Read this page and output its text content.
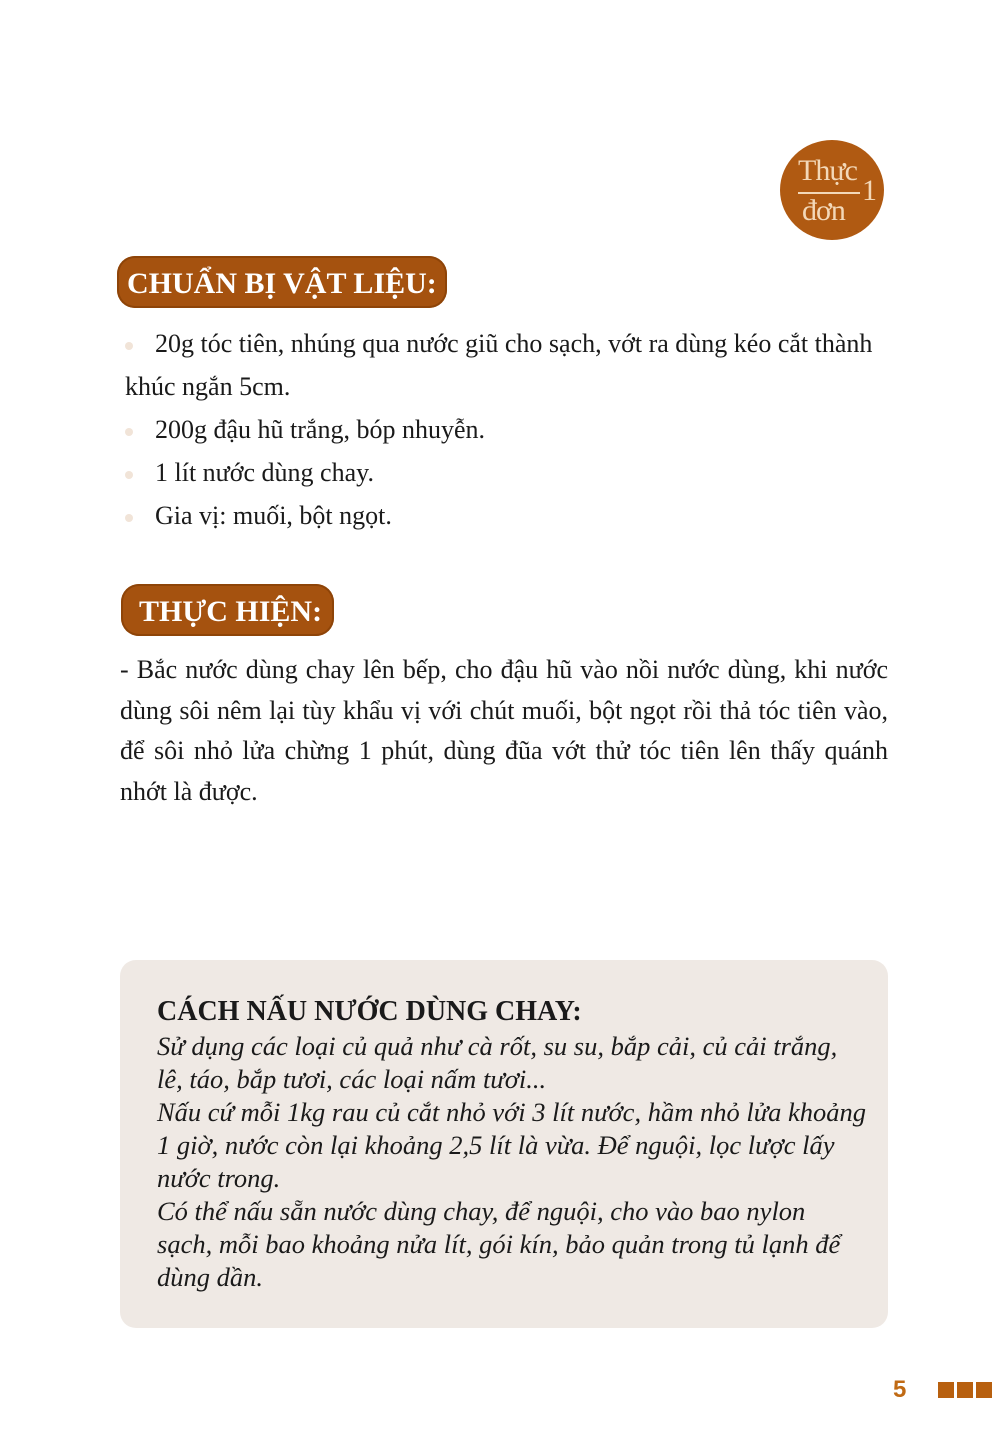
Thực
đơn
1
CHUẨN BỊ VẬT LIỆU:
20g tóc tiên, nhúng qua nước giũ cho sạch, vớt ra dùng kéo cắt thành khúc ngắn 5cm.
200g đậu hũ trắng, bóp nhuyễn.
1 lít nước dùng chay.
Gia vị: muối, bột ngọt.
THỰC HIỆN:
- Bắc nước dùng chay lên bếp, cho đậu hũ vào nồi nước dùng, khi nước dùng sôi nêm lại tùy khẩu vị với chút muối, bột ngọt rồi thả tóc tiên vào, để sôi nhỏ lửa chừng 1 phút, dùng đũa vớt thử tóc tiên lên thấy quánh nhớt là được.
CÁCH NẤU NƯỚC DÙNG CHAY:
Sử dụng các loại củ quả như cà rốt, su su, bắp cải, củ cải trắng, lê, táo, bắp tươi, các loại nấm tươi...
Nấu cứ mỗi 1kg rau củ cắt nhỏ với 3 lít nước, hầm nhỏ lửa khoảng 1 giờ, nước còn lại khoảng 2,5 lít là vừa. Để nguội, lọc lược lấy nước trong.
Có thể nấu sẵn nước dùng chay, để nguội, cho vào bao nylon sạch, mỗi bao khoảng nửa lít, gói kín, bảo quản trong tủ lạnh để dùng dần.
5
